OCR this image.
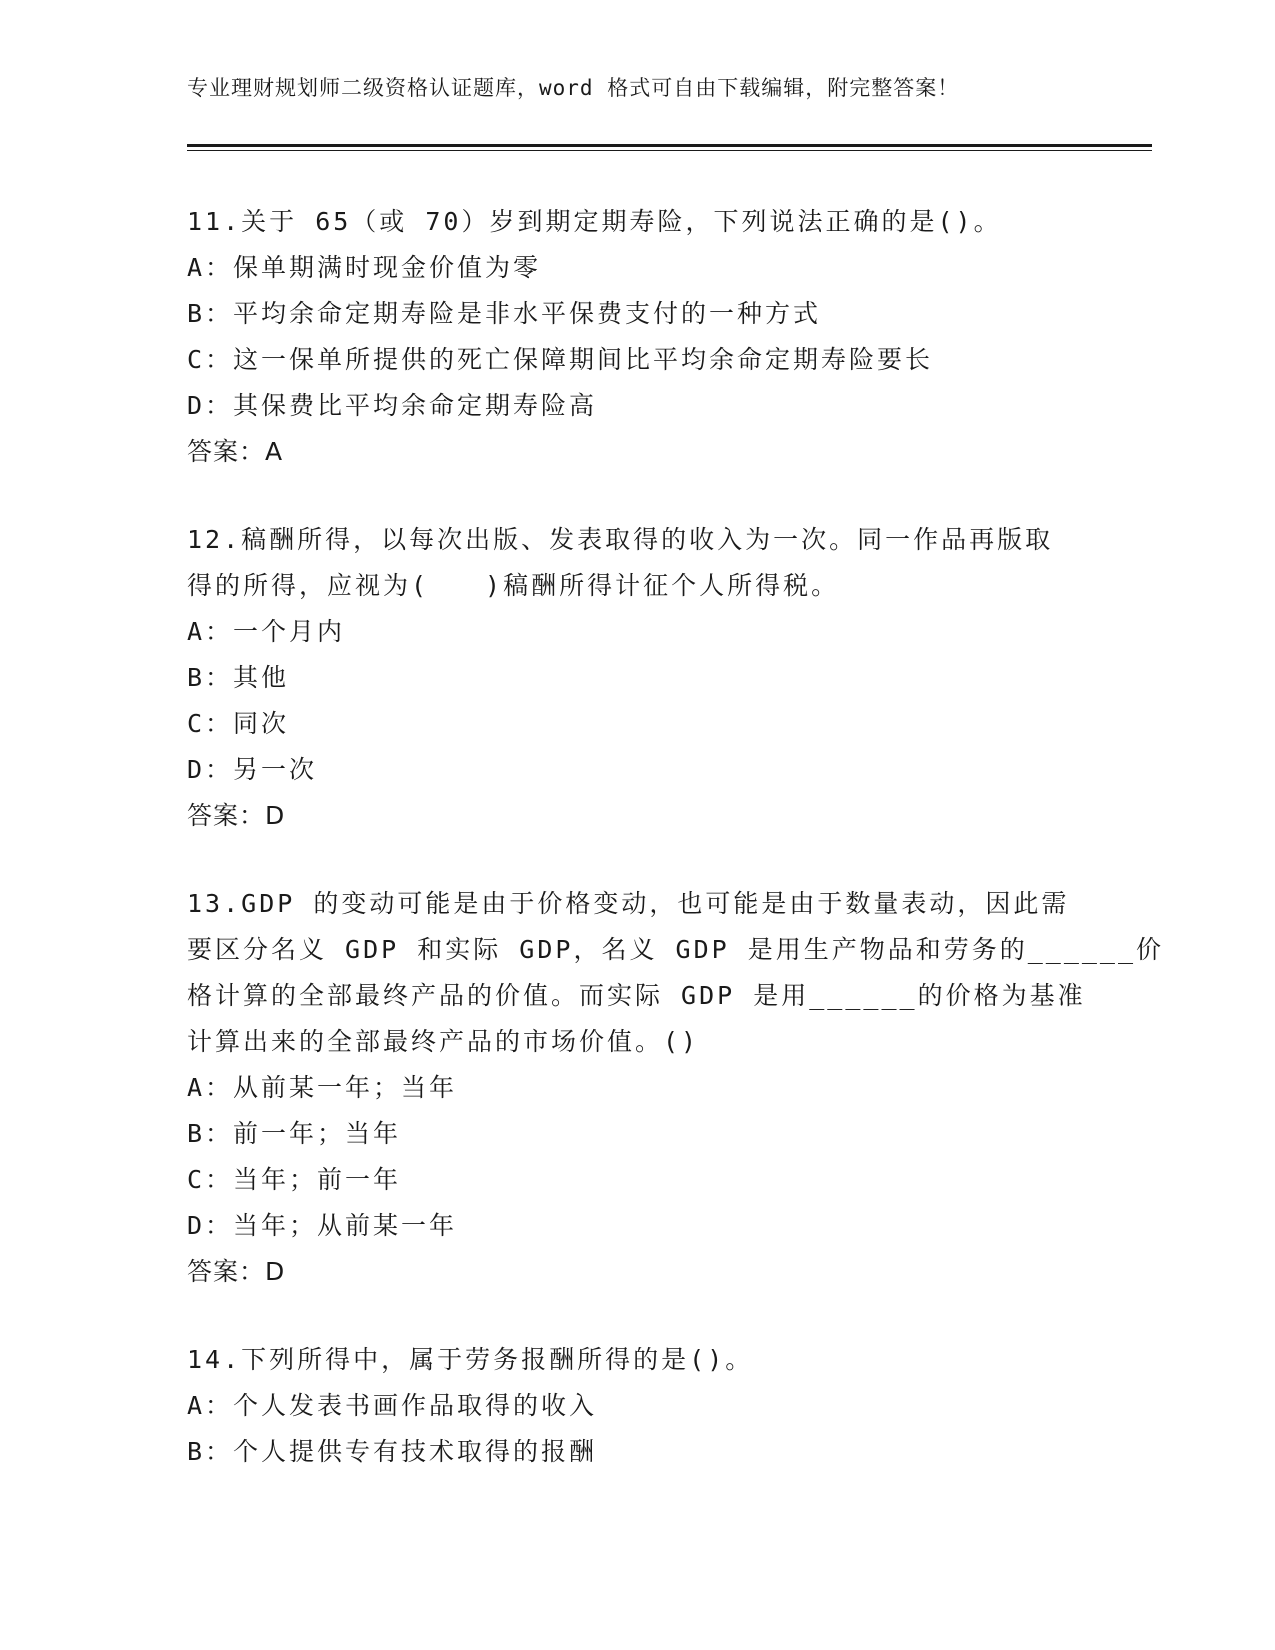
专业理财规划师二级资格认证题库，word 格式可自由下载编辑，附完整答案！
11.关于 65（或 70）岁到期定期寿险，下列说法正确的是()。
A：保单期满时现金价值为零
B：平均余命定期寿险是非水平保费支付的一种方式
C：这一保单所提供的死亡保障期间比平均余命定期寿险要长
D：其保费比平均余命定期寿险高
答案：A
12.稿酬所得，以每次出版、发表取得的收入为一次。同一作品再版取
得的所得，应视为(　　)稿酬所得计征个人所得税。
A：一个月内
B：其他
C：同次
D：另一次
答案：D
13.GDP 的变动可能是由于价格变动，也可能是由于数量表动，因此需
要区分名义 GDP 和实际 GDP，名义 GDP 是用生产物品和劳务的______价
格计算的全部最终产品的价值。而实际 GDP 是用______的价格为基准
计算出来的全部最终产品的市场价值。()
A：从前某一年；当年
B：前一年；当年
C：当年；前一年
D：当年；从前某一年
答案：D
14.下列所得中，属于劳务报酬所得的是()。
A：个人发表书画作品取得的收入
B：个人提供专有技术取得的报酬
